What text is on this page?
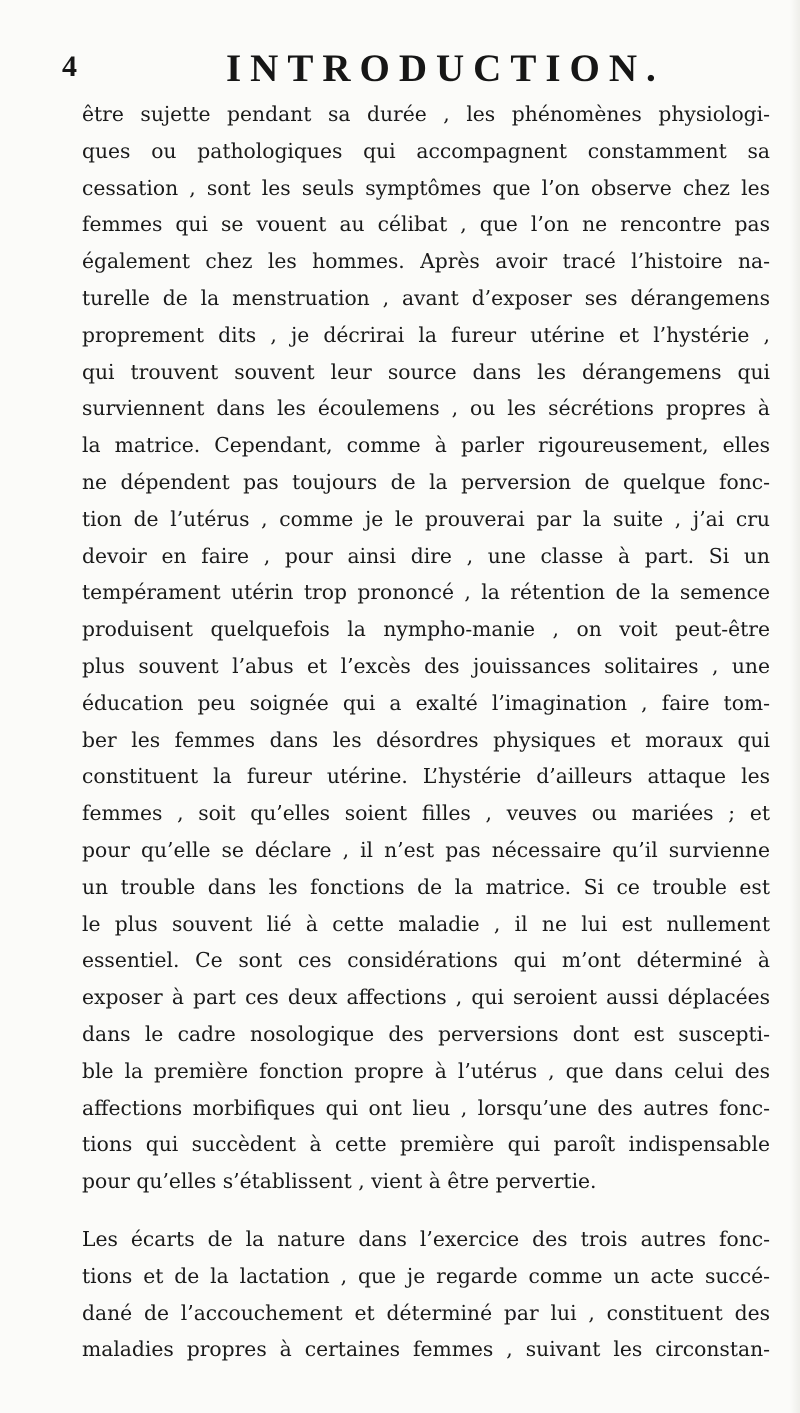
4	INTRODUCTION.
être sujette pendant sa durée , les phénomènes physiologi-
ques ou pathologiques qui accompagnent constamment sa
cessation , sont les seuls symptômes que l’on observe chez les
femmes qui se vouent au célibat , que l’on ne rencontre pas
également chez les hommes. Après avoir tracé l’histoire na-
turelle de la menstruation , avant d’exposer ses dérangemens
proprement dits , je décrirai la fureur utérine et l’hystérie ,
qui trouvent souvent leur source dans les dérangemens qui
surviennent dans les écoulemens , ou les sécrétions propres à
la matrice. Cependant, comme à parler rigoureusement, elles
ne dépendent pas toujours de la perversion de quelque fonc-
tion de l’utérus , comme je le prouverai par la suite , j’ai cru
devoir en faire , pour ainsi dire , une classe à part. Si un
tempérament utérin trop prononcé , la rétention de la semence
produisent quelquefois la nympho-manie , on voit peut-être
plus souvent l’abus et l’excès des jouissances solitaires , une
éducation peu soignée qui a exalté l’imagination , faire tom-
ber les femmes dans les désordres physiques et moraux qui
constituent la fureur utérine. L’hystérie d’ailleurs attaque les
femmes , soit qu’elles soient filles , veuves ou mariées ; et
pour qu’elle se déclare , il n’est pas nécessaire qu’il survienne
un trouble dans les fonctions de la matrice. Si ce trouble est
le plus souvent lié à cette maladie , il ne lui est nullement
essentiel. Ce sont ces considérations qui m’ont déterminé à
exposer à part ces deux affections , qui seroient aussi déplacées
dans le cadre nosologique des perversions dont est suscepti-
ble la première fonction propre à l’utérus , que dans celui des
affections morbifiques qui ont lieu , lorsqu’une des autres fonc-
tions qui succèdent à cette première qui paroît indispensable
pour qu’elles s’établissent , vient à être pervertie.
Les écarts de la nature dans l’exercice des trois autres fonc-
tions et de la lactation , que je regarde comme un acte succé-
dané de l’accouchement et déterminé par lui , constituent des
maladies propres à certaines femmes , suivant les circonstan-
